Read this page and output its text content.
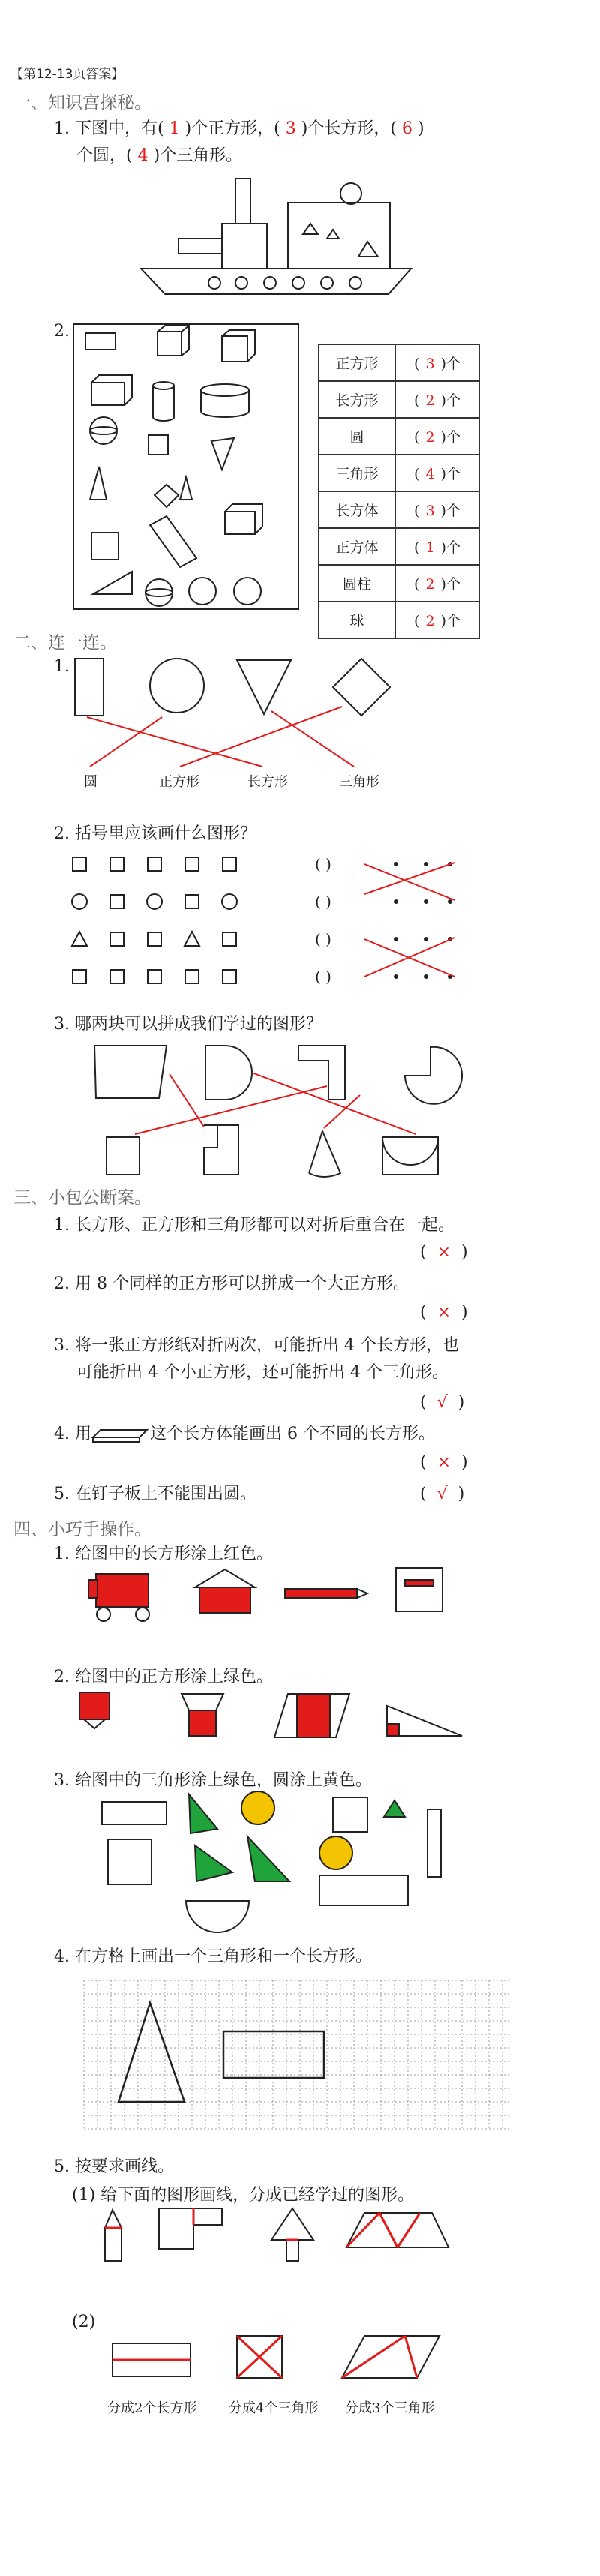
【第12-13页答案】
一、知识宫探秘。
1. 下图中，有( 1 )个正方形，( 3 )个长方形，( 6 )
个圆，( 4 )个三角形。
2.
正方形	( 3 )个
长方形	( 2 )个
圆	( 2 )个
三角形	( 4 )个
长方体	( 3 )个
正方体	( 1 )个
圆柱	( 2 )个
球	( 2 )个
二、连一连。
1.
圆	正方形	长方形	三角形
2. 括号里应该画什么图形？
3. 哪两块可以拼成我们学过的图形？
三、小包公断案。
1. 长方形、正方形和三角形都可以对折后重合在一起。
(  ×  )
2. 用 8 个同样的正方形可以拼成一个大正方形。
(  ×  )
3. 将一张正方形纸对折两次，可能折出 4 个长方形，也
可能折出 4 个小正方形，还可能折出 4 个三角形。
(  √  )
4. 用	这个长方体能画出 6 个不同的长方形。
(  ×  )
5. 在钉子板上不能围出圆。	(  √  )
四、小巧手操作。
1. 给图中的长方形涂上红色。
2. 给图中的正方形涂上绿色。
3. 给图中的三角形涂上绿色，圆涂上黄色。
4. 在方格上画出一个三角形和一个长方形。
5. 按要求画线。
(1) 给下面的图形画线，分成已经学过的图形。
(2)
分成2个长方形 分成4个三角形 分成3个三角形
( )
( )
( )
( )
